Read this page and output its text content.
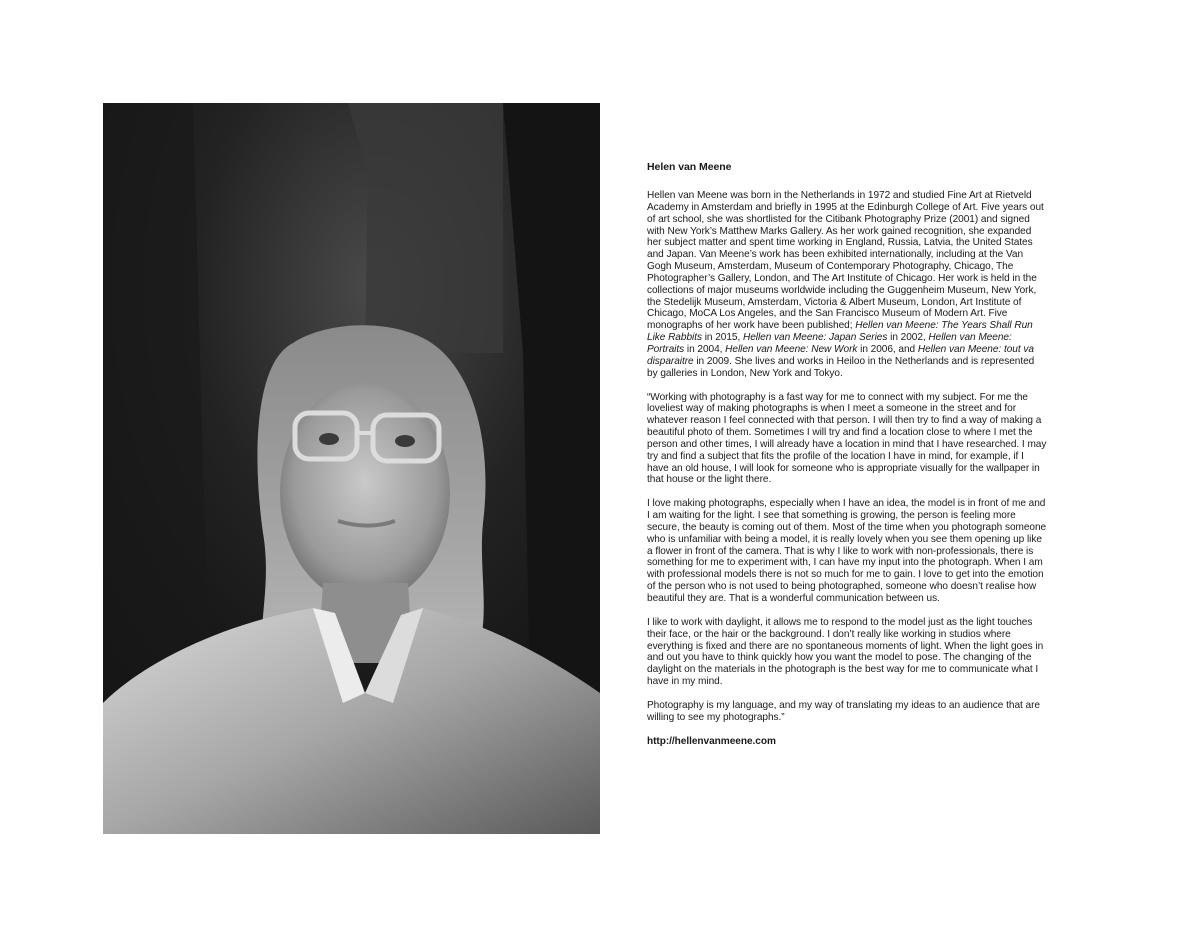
Helen van Meene

Hellen van Meene was born in the Netherlands in 1972 and studied Fine Art at Rietveld Academy in Amsterdam and briefly in 1995 at the Edinburgh College of Art. Five years out of art school, she was shortlisted for the Citibank Photography Prize (2001) and signed with New York’s Matthew Marks Gallery. As her work gained recognition, she expanded her subject matter and spent time working in England, Russia, Latvia, the United States and Japan. Van Meene’s work has been exhibited internationally, including at the Van Gogh Museum, Amsterdam, Museum of Contemporary Photography, Chicago, The Photographer’s Gallery, London, and The Art Institute of Chicago. Her work is held in the collections of major museums worldwide including the Guggenheim Museum, New York, the Stedelijk Museum, Amsterdam, Victoria & Albert Museum, London, Art Institute of Chicago, MoCA Los Angeles, and the San Francisco Museum of Modern Art. Five monographs of her work have been published; Hellen van Meene: The Years Shall Run Like Rabbits in 2015, Hellen van Meene: Japan Series in 2002, Hellen van Meene: Portraits in 2004, Hellen van Meene: New Work in 2006, and Hellen van Meene: tout va disparaitre in 2009. She lives and works in Heiloo in the Netherlands and is represented by galleries in London, New York and Tokyo.

“Working with photography is a fast way for me to connect with my subject. For me the loveliest way of making photographs is when I meet a someone in the street and for whatever reason I feel connected with that person. I will then try to find a way of making a beautiful photo of them. Sometimes I will try and find a location close to where I met the person and other times, I will already have a location in mind that I have researched. I may try and find a subject that fits the profile of the location I have in mind, for example, if I have an old house, I will look for someone who is appropriate visually for the wallpaper in that house or the light there.

I love making photographs, especially when I have an idea, the model is in front of me and I am waiting for the light. I see that something is growing, the person is feeling more secure, the beauty is coming out of them. Most of the time when you photograph someone who is unfamiliar with being a model, it is really lovely when you see them opening up like a flower in front of the camera. That is why I like to work with non-professionals, there is something for me to experiment with, I can have my input into the photograph. When I am with professional models there is not so much for me to gain. I love to get into the emotion of the person who is not used to being photographed, someone who doesn’t realise how beautiful they are. That is a wonderful communication between us.

I like to work with daylight, it allows me to respond to the model just as the light touches their face, or the hair or the background. I don’t really like working in studios where everything is fixed and there are no spontaneous moments of light. When the light goes in and out you have to think quickly how you want the model to pose. The changing of the daylight on the materials in the photograph is the best way for me to communicate what I have in my mind.

Photography is my language, and my way of translating my ideas to an audience that are willing to see my photographs.”

http://hellenvanmeene.com
